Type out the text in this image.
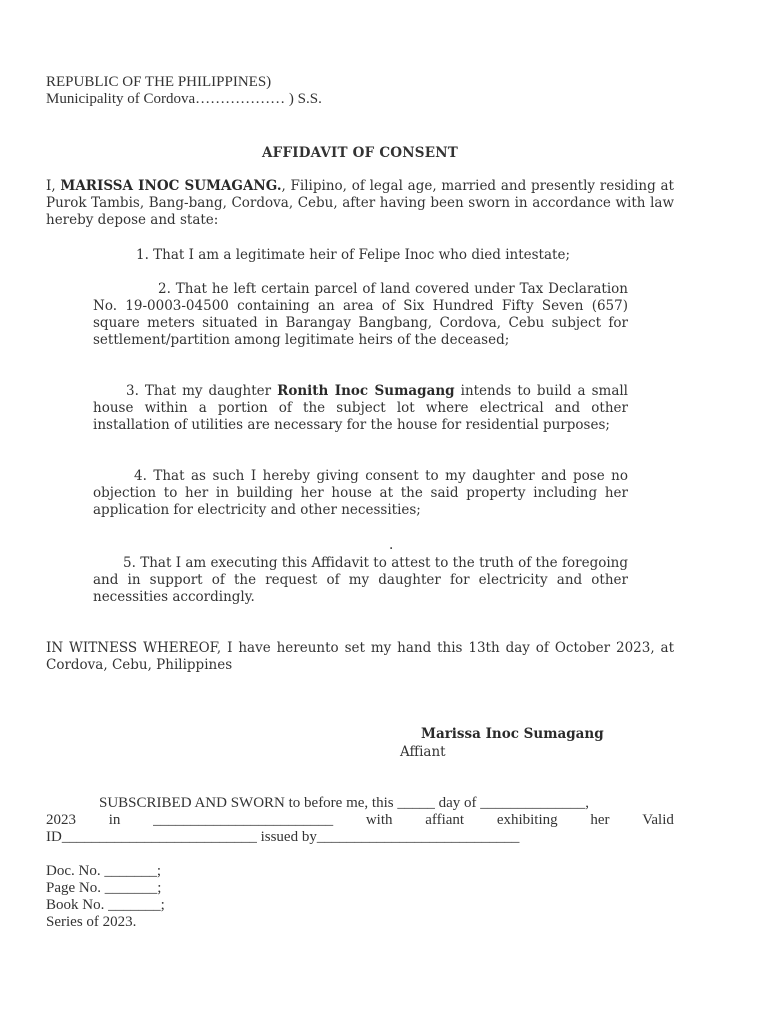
REPUBLIC OF THE PHILIPPINES)
Municipality of Cordova……………… ) S.S.
AFFIDAVIT OF CONSENT
I, MARISSA INOC SUMAGANG., Filipino, of legal age, married and presently residing at Purok Tambis, Bang-bang, Cordova, Cebu, after having been sworn in accordance with law hereby depose and state:
1. That I am a legitimate heir of Felipe Inoc who died intestate;
2. That he left certain parcel of land covered under Tax Declaration No. 19-0003-04500 containing an area of Six Hundred Fifty Seven (657) square meters situated in Barangay Bangbang, Cordova, Cebu subject for settlement/partition among legitimate heirs of the deceased;
3. That my daughter Ronith Inoc Sumagang intends to build a small house within a portion of the subject lot where electrical and other installation of utilities are necessary for the house for residential purposes;
4. That as such I hereby giving consent to my daughter and pose no objection to her in building her house at the said property including her application for electricity and other necessities;
.
5. That I am executing this Affidavit to attest to the truth of the foregoing and in support of the request of my daughter for electricity and other necessities accordingly.
IN WITNESS WHEREOF, I have hereunto set my hand this 13th day of October 2023, at Cordova, Cebu, Philippines
Marissa Inoc Sumagang
Affiant
SUBSCRIBED AND SWORN to before me, this _____ day of ______________,
2023 in ________________________ with affiant exhibiting her Valid
ID__________________________ issued by___________________________
Doc. No. _______;
Page No. _______;
Book No. _______;
Series of 2023.
